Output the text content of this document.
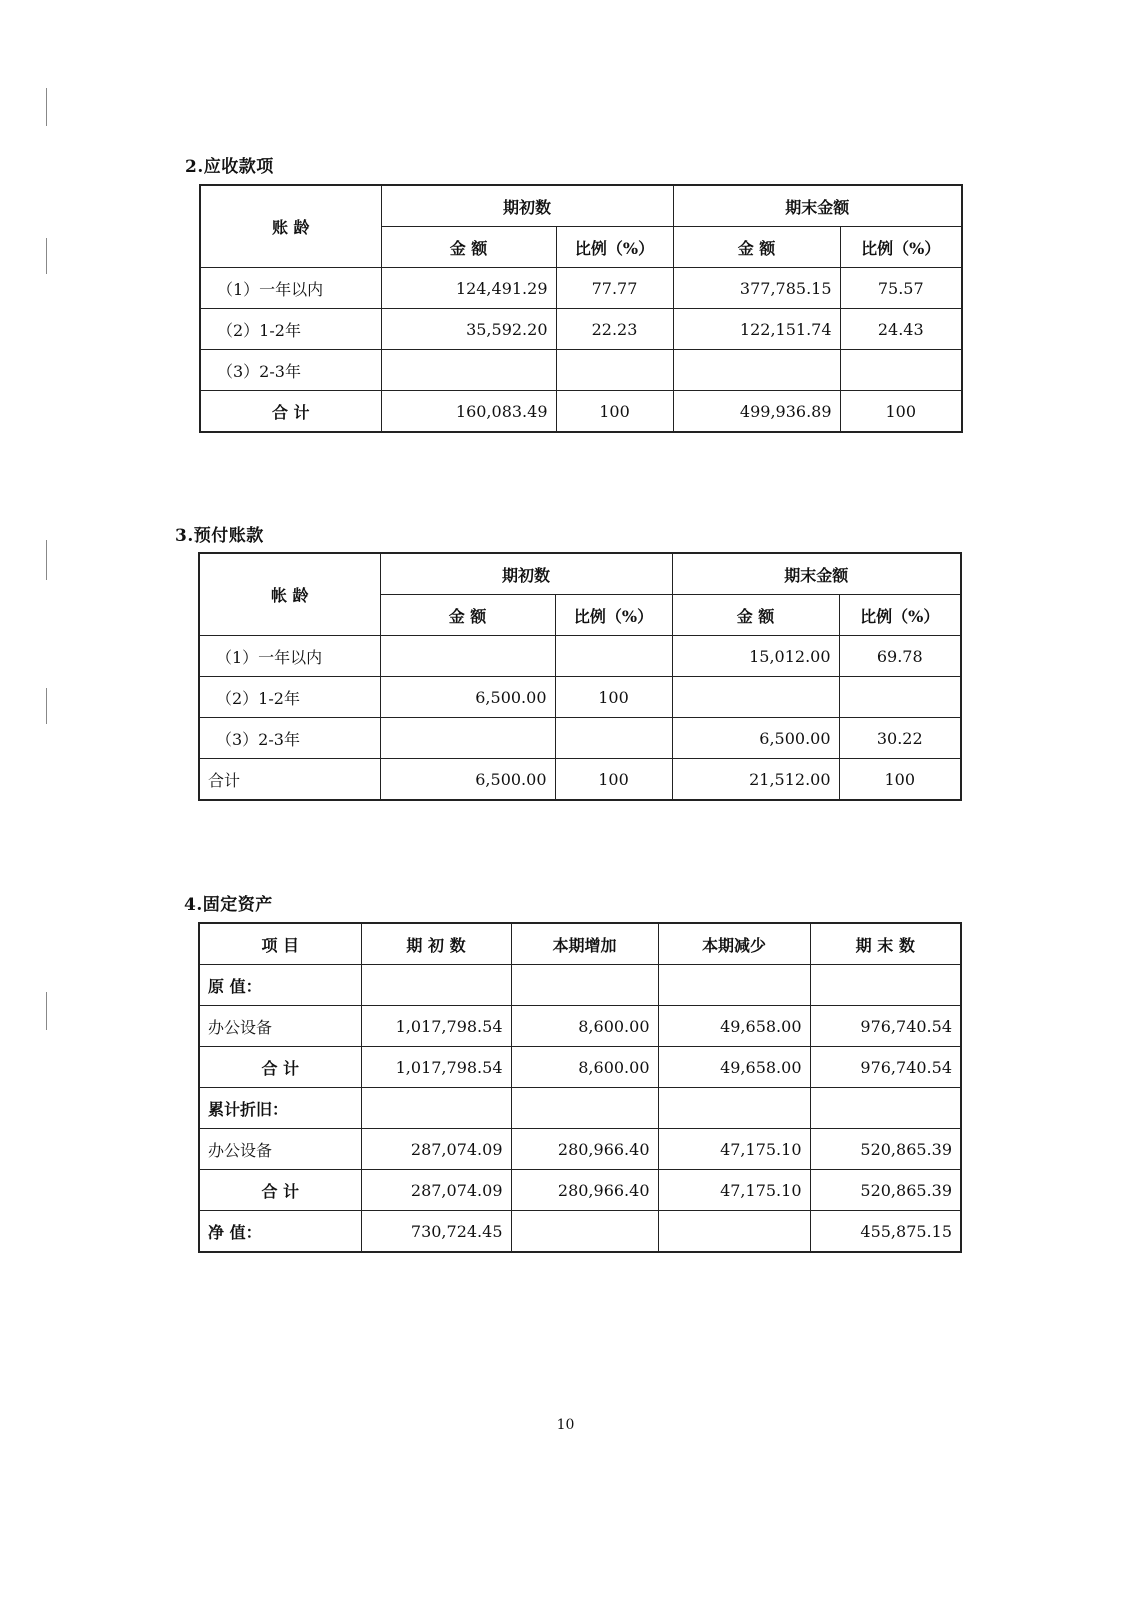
2.应收款项
账 龄	期初数		期末金额	
	金 额	比例（%）	金 额	比例（%）
（1）一年以内	124,491.29	77.77	377,785.15	75.57
（2）1-2年	35,592.20	22.23	122,151.74	24.43
（3）2-3年				
合 计	160,083.49	100	499,936.89	100
3.预付账款
帐 龄	期初数		期末金额	
	金 额	比例（%）	金 额	比例（%）
（1）一年以内			15,012.00	69.78
（2）1-2年	6,500.00	100		
（3）2-3年			6,500.00	30.22
合计	6,500.00	100	21,512.00	100
4.固定资产
项 目	期 初 数	本期增加	本期减少	期 末 数
原 值：				
办公设备	1,017,798.54	8,600.00	49,658.00	976,740.54
合 计	1,017,798.54	8,600.00	49,658.00	976,740.54
累计折旧：				
办公设备	287,074.09	280,966.40	47,175.10	520,865.39
合 计	287,074.09	280,966.40	47,175.10	520,865.39
净 值：	730,724.45			455,875.15
10
